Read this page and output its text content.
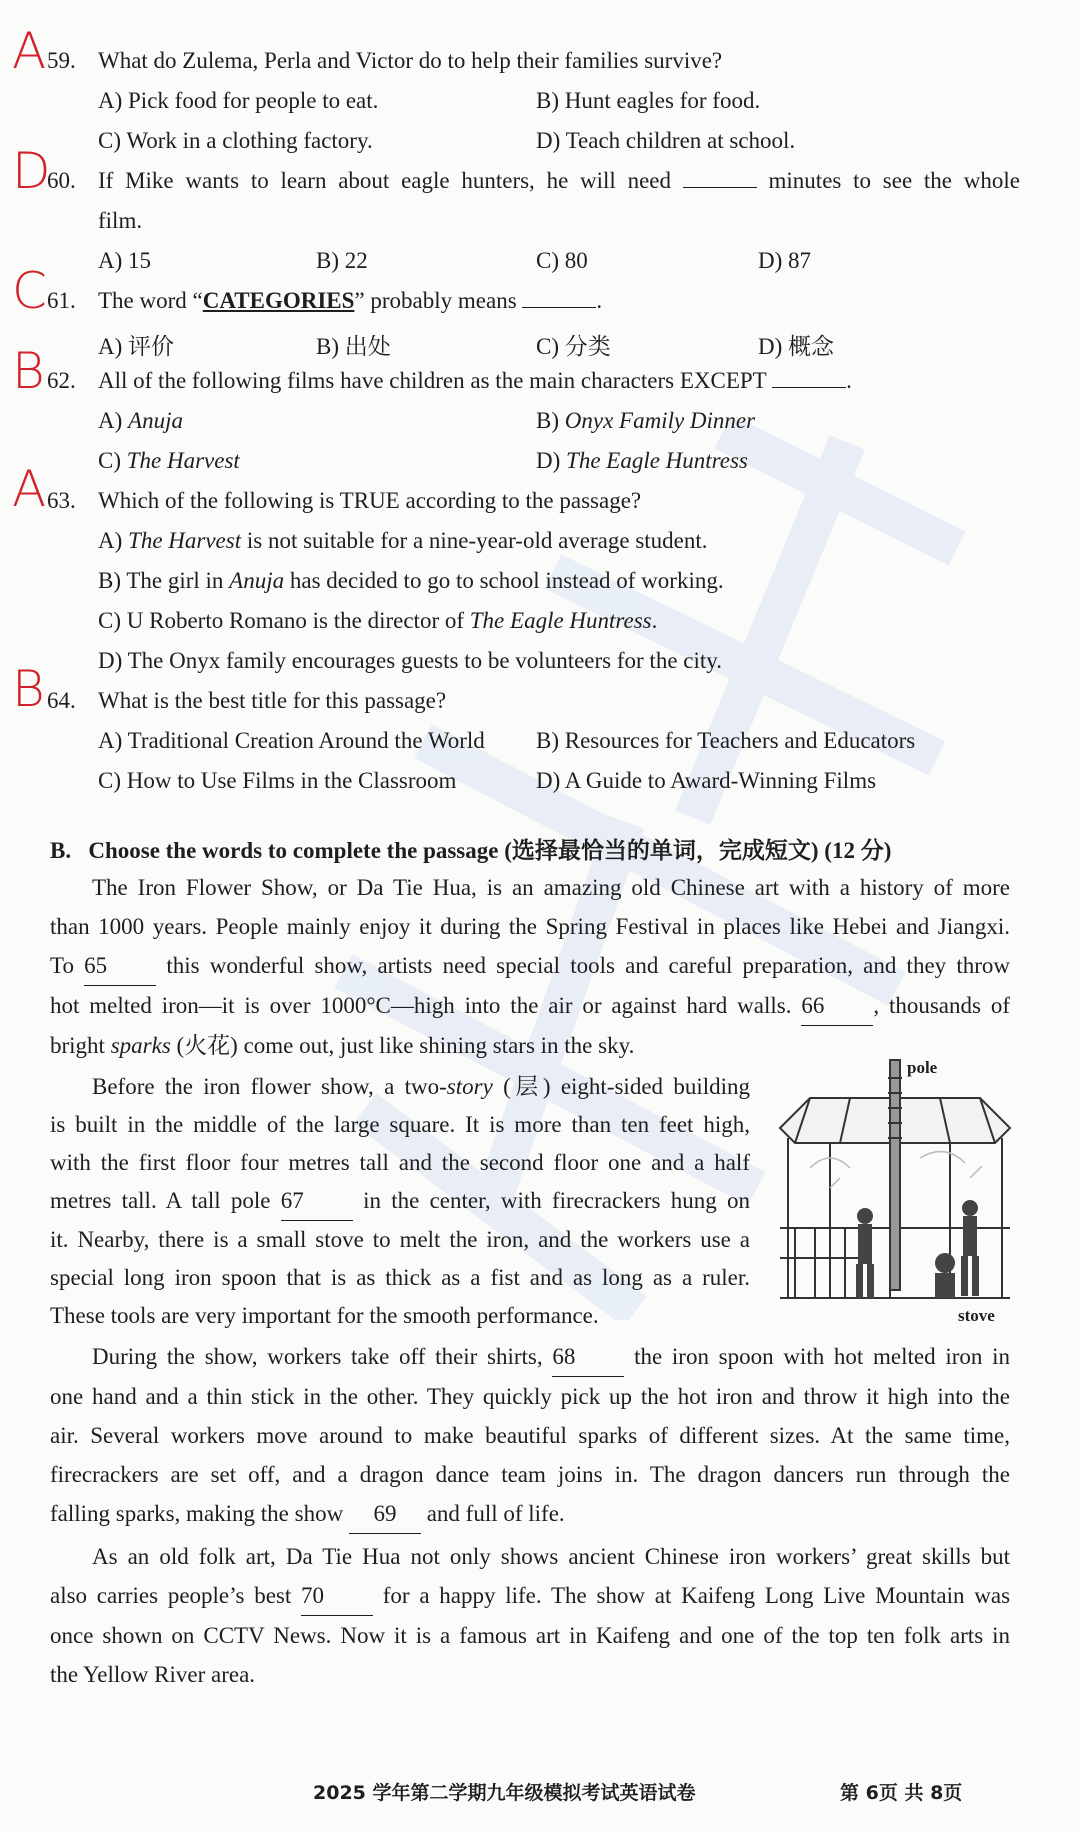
A 59. What do Zulema, Perla and Victor do to help their families survive?
A) Pick food for people to eat.	B) Hunt eagles for food.
C) Work in a clothing factory.	D) Teach children at school.
D
60. If Mike wants to learn about eagle hunters, he will need	minutes to see the whole
film.
A) 15	B) 22	C) 80	D) 87
C 61. The word “CATEGORIES” probably means	.
A) 评价	B) 出处	C) 分类	D) 概念
B 62. All of the following films have children as the main characters EXCEPT	.
A) Anuja	B) Onyx Family Dinner
C) The Harvest	D) The Eagle Huntress
A 63. Which of the following is TRUE according to the passage?
A) The Harvest is not suitable for a nine-year-old average student.
B) The girl in Anuja has decided to go to school instead of working.
C) U Roberto Romano is the director of The Eagle Huntress.
D) The Onyx family encourages guests to be volunteers for the city.
B 64. What is the best title for this passage?
A) Traditional Creation Around the World B) Resources for Teachers and Educators
C) How to Use Films in the Classroom	D) A Guide to Award-Winning Films
B.   Choose the words to complete the passage (选择最恰当的单词，完成短文) (12 分)
The Iron Flower Show, or Da Tie Hua, is an amazing old Chinese art with a history of more
than 1000 years. People mainly enjoy it during the Spring Festival in places like Hebei and Jiangxi.
To 65	this wonderful show, artists need special tools and careful preparation, and they throw
hot melted iron—it is over 1000°C—high into the air or against hard walls. 66 , thousands of
bright sparks (火花) come out, just like shining stars in the sky.
Before the iron flower show, a two-story (层) eight-sided building
is built in the middle of the large square. It is more than ten feet high,
with the first floor four metres tall and the second floor one and a half
metres tall. A tall pole 67	in the center, with firecrackers hung on
it. Nearby, there is a small stove to melt the iron, and the workers use a
special long iron spoon that is as thick as a fist and as long as a ruler.
These tools are very important for the smooth performance.
pole
stove
During the show, workers take off their shirts, 68	the iron spoon with hot melted iron in
one hand and a thin stick in the other. They quickly pick up the hot iron and throw it high into the
air. Several workers move around to make beautiful sparks of different sizes. At the same time,
firecrackers are set off, and a dragon dance team joins in. The dragon dancers run through the
falling sparks, making the show 69 and full of life.
As an old folk art, Da Tie Hua not only shows ancient Chinese iron workers’ great skills but
also carries people’s best 70	for a happy life. The show at Kaifeng Long Live Mountain was
once shown on CCTV News. Now it is a famous art in Kaifeng and one of the top ten folk arts in
the Yellow River area.
2025 学年第二学期九年级模拟考试英语试卷	第 6页 共 8页
